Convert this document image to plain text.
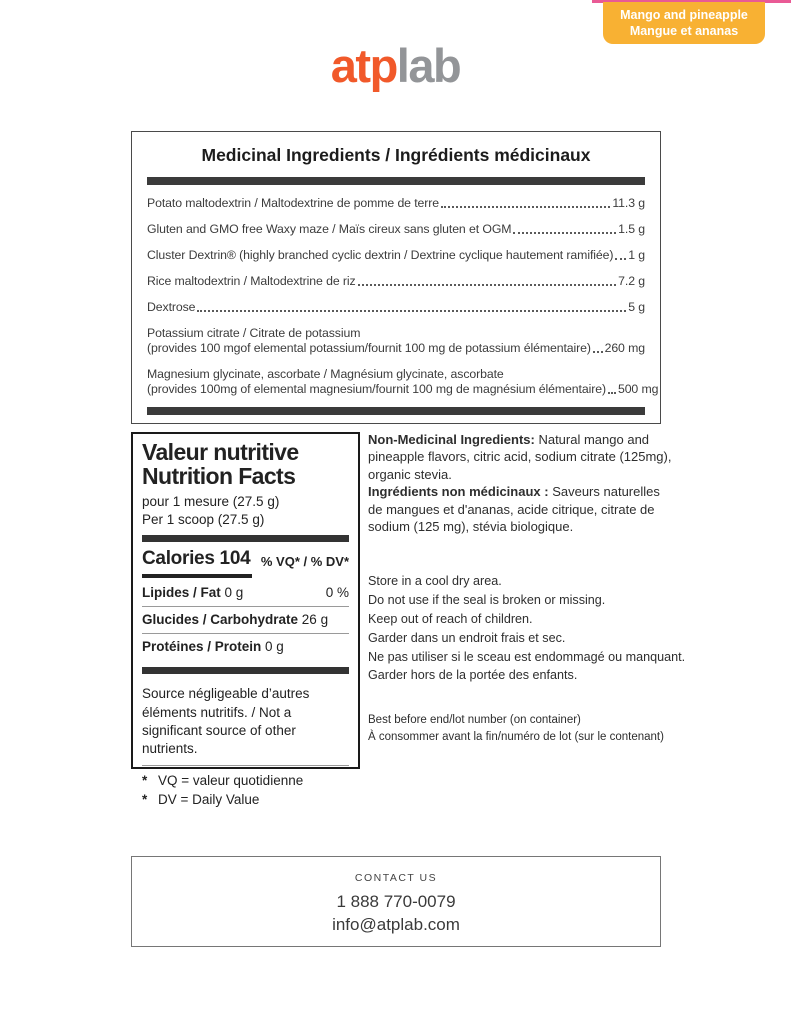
Mango and pineapple
Mangue et ananas
atplab
Medicinal Ingredients / Ingrédients médicinaux
Potato maltodextrin / Maltodextrine de pomme de terre	11.3 g
Gluten and GMO free Waxy maze / Maïs cireux sans gluten et OGM	1.5 g
Cluster Dextrin® (highly branched cyclic dextrin / Dextrine cyclique hautement ramifiée) 1 g
Rice maltodextrin / Maltodextrine de riz	7.2 g
Dextrose	5 g
Potassium citrate / Citrate de potassium
(provides 100 mgof elemental potassium/fournit 100 mg de potassium élémentaire) 260 mg
Magnesium glycinate, ascorbate / Magnésium glycinate, ascorbate
(provides 100mg of elemental magnesium/fournit 100 mg de magnésium élémentaire) 500 mg
Valeur nutritive
Nutrition Facts
pour 1 mesure (27.5 g)
Per 1 scoop (27.5 g)
Calories 104 % VQ* / % DV*
Lipides / Fat 0 g	0 %
Glucides / Carbohydrate 26 g
Protéines / Protein 0 g
Source négligeable d’autres éléments nutritifs. / Not a significant source of other nutrients.
* VQ = valeur quotidienne
* DV = Daily Value
Non-Medicinal Ingredients: Natural mango and pineapple flavors, citric acid, sodium citrate (125mg), organic stevia.
Ingrédients non médicinaux : Saveurs naturelles de mangues et d'ananas, acide citrique, citrate de sodium (125 mg), stévia biologique.
Store in a cool dry area.
Do not use if the seal is broken or missing.
Keep out of reach of children.
Garder dans un endroit frais et sec.
Ne pas utiliser si le sceau est endommagé ou manquant.
Garder hors de la portée des enfants.
Best before end/lot number (on container)
À consommer avant la fin/numéro de lot (sur le contenant)
CONTACT US
1 888 770-0079
info@atplab.com
